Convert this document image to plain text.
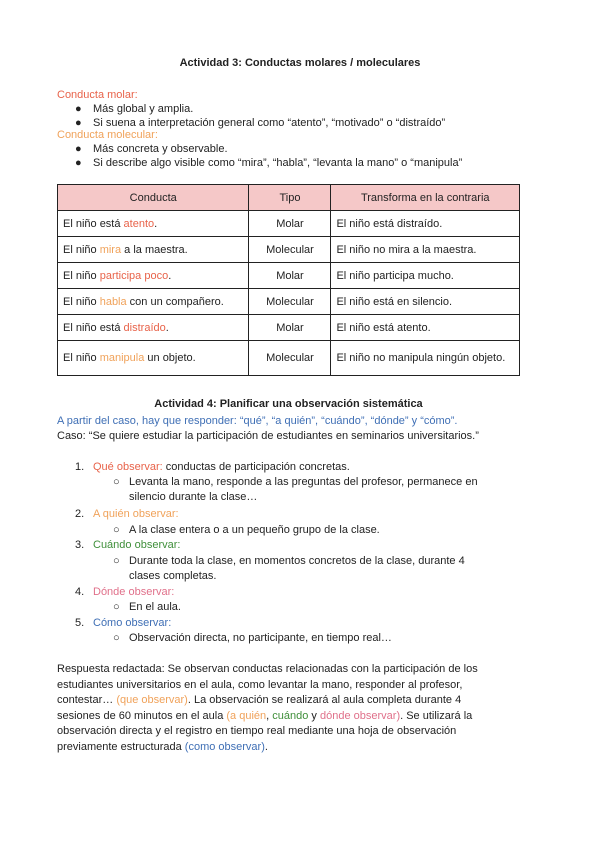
Actividad 3: Conductas molares / moleculares
Conducta molar:
● Más global y amplia.
● Si suena a interpretación general como “atento”, “motivado” o “distraído”
Conducta molecular:
● Más concreta y observable.
● Si describe algo visible como “mira”, “habla”, “levanta la mano” o “manipula”
Conducta	Tipo	Transforma en la contraria
El niño está atento.	Molar	El niño está distraído.
El niño mira a la maestra.	Molecular	El niño no mira a la maestra.
El niño participa poco.	Molar	El niño participa mucho.
El niño habla con un compañero.	Molecular	El niño está en silencio.
El niño está distraído.	Molar	El niño está atento.
El niño manipula un objeto.	Molecular	El niño no manipula ningún objeto.
Actividad 4: Planificar una observación sistemática
A partir del caso, hay que responder: “qué”, “a quién”, “cuándo”, “dónde” y “cómo”.
Caso: “Se quiere estudiar la participación de estudiantes en seminarios universitarios.”
1. Qué observar: conductas de participación concretas.
○ Levanta la mano, responde a las preguntas del profesor, permanece en
silencio durante la clase…
2. A quién observar:
○ A la clase entera o a un pequeño grupo de la clase.
3. Cuándo observar:
○ Durante toda la clase, en momentos concretos de la clase, durante 4
clases completas.
4. Dónde observar:
○ En el aula.
5. Cómo observar:
○ Observación directa, no participante, en tiempo real…
Respuesta redactada: Se observan conductas relacionadas con la participación de los
estudiantes universitarios en el aula, como levantar la mano, responder al profesor,
contestar… (que observar). La observación se realizará al aula completa durante 4
sesiones de 60 minutos en el aula (a quién, cuándo y dónde observar). Se utilizará la
observación directa y el registro en tiempo real mediante una hoja de observación
previamente estructurada (como observar).
